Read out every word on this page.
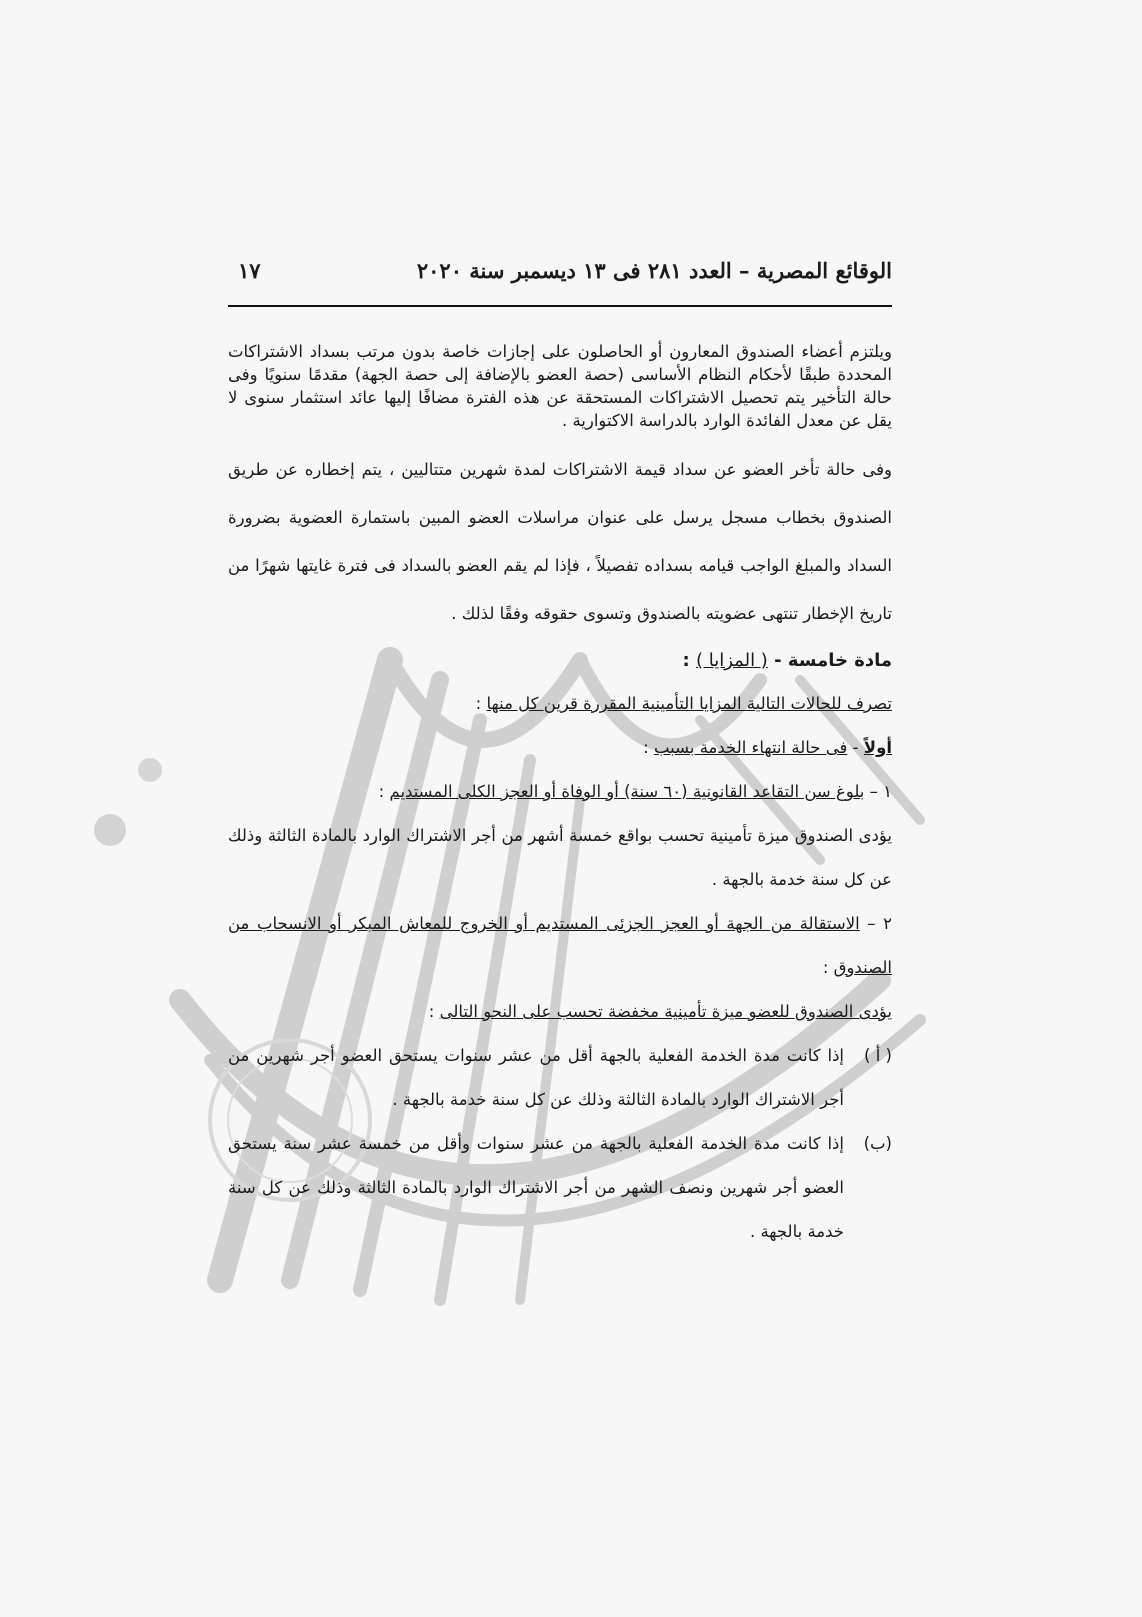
الوقائع المصرية – العدد ٢٨١ فى ١٣ ديسمبر سنة ٢٠٢٠
١٧

ويلتزم أعضاء الصندوق المعارون أو الحاصلون على إجازات خاصة بدون مرتب بسداد الاشتراكات المحددة طبقًا لأحكام النظام الأساسى (حصة العضو بالإضافة إلى حصة الجهة) مقدمًا سنويًا وفى حالة التأخير يتم تحصيل الاشتراكات المستحقة عن هذه الفترة مضافًا إليها عائد استثمار سنوى لا يقل عن معدل الفائدة الوارد بالدراسة الاكتوارية .

وفى حالة تأخر العضو عن سداد قيمة الاشتراكات لمدة شهرين متتاليين ، يتم إخطاره عن طريق الصندوق بخطاب مسجل يرسل على عنوان مراسلات العضو المبين باستمارة العضوية بضرورة السداد والمبلغ الواجب قيامه بسداده تفصيلاً ، فإذا لم يقم العضو بالسداد فى فترة غايتها شهرًا من تاريخ الإخطار تنتهى عضويته بالصندوق وتسوى حقوقه وفقًا لذلك .

مادة خامسة - ( المزايا ) :

تصرف للحالات التالية المزايا التأمينية المقررة قرين كل منها :

أولاً - فى حالة انتهاء الخدمة بسبب :

١ – بلوغ سن التقاعد القانونية (٦٠ سنة) أو الوفاة أو العجز الكلى المستديم :

يؤدى الصندوق ميزة تأمينية تحسب بواقع خمسة أشهر من أجر الاشتراك الوارد بالمادة الثالثة وذلك عن كل سنة خدمة بالجهة .

٢ – الاستقالة من الجهة أو العجز الجزئى المستديم أو الخروج للمعاش المبكر أو الانسحاب من الصندوق :

يؤدى الصندوق للعضو ميزة تأمينية مخفضة تحسب على النحو التالى :

( أ )

إذا كانت مدة الخدمة الفعلية بالجهة أقل من عشر سنوات يستحق العضو أجر شهرين من أجر الاشتراك الوارد بالمادة الثالثة وذلك عن كل سنة خدمة بالجهة .

(ب)

إذا كانت مدة الخدمة الفعلية بالجهة من عشر سنوات وأقل من خمسة عشر سنة يستحق العضو أجر شهرين ونصف الشهر من أجر الاشتراك الوارد بالمادة الثالثة وذلك عن كل سنة خدمة بالجهة .
